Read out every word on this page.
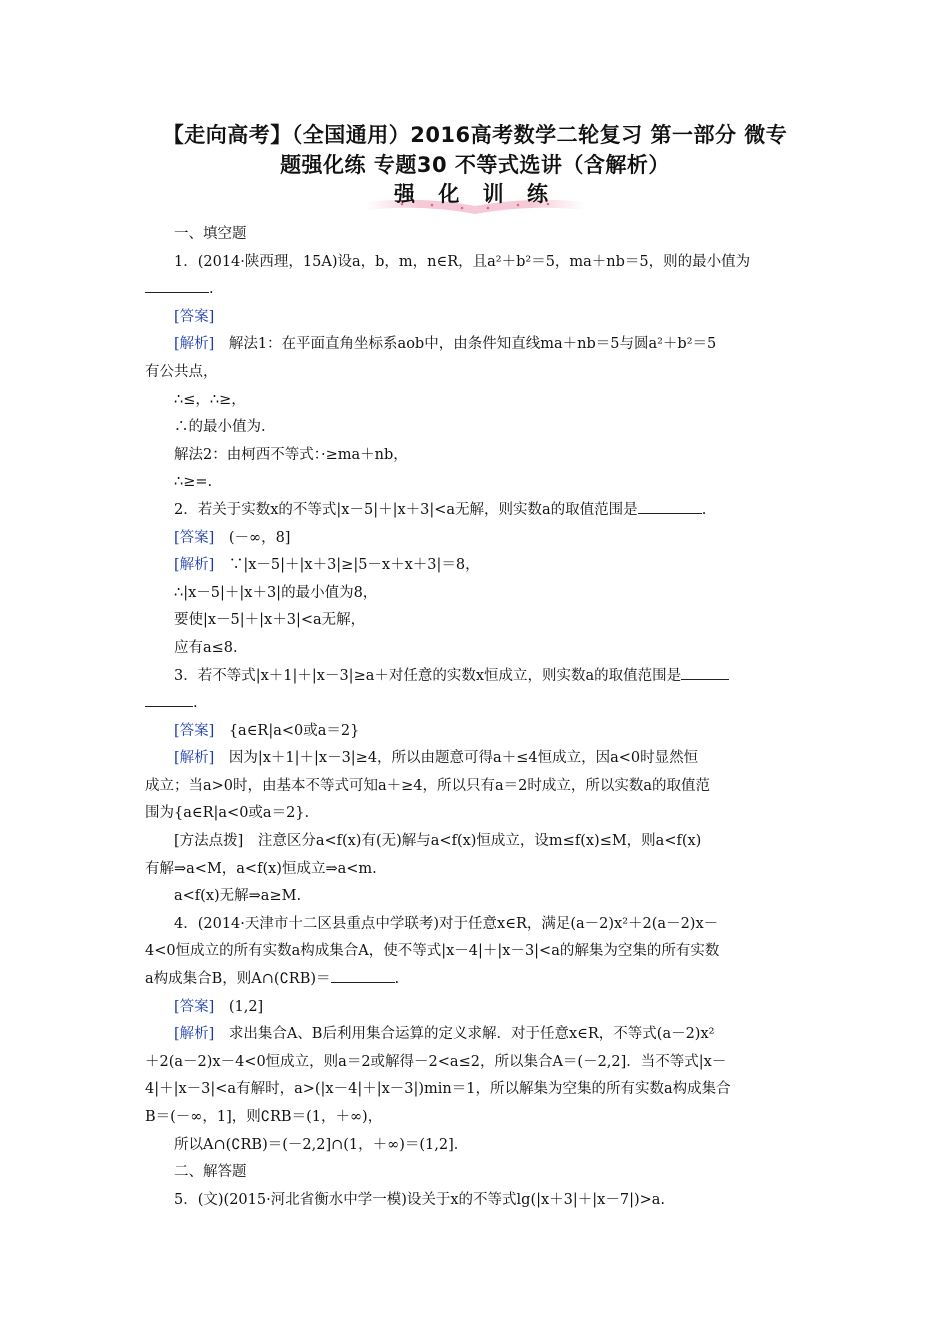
【走向高考】（全国通用）2016高考数学二轮复习 第一部分 微专
题强化练 专题30 不等式选讲（含解析）
强 化 训 练

一、填空题

1．(2014·陕西理，15A)设a，b，m，n∈R，且a²＋b²＝5，ma＋nb＝5，则的最小值为

.

[答案]

[解析]　 解法1：在平面直角坐标系aob中，由条件知直线ma＋nb＝5与圆a²＋b²＝5

有公共点，

∴≤，∴≥，

∴的最小值为.

解法2：由柯西不等式：·≥ma＋nb，

∴≥=.

2．若关于实数x的不等式|x－5|＋|x＋3|<a无解，则实数a的取值范围是	.

[答案]　 (－∞，8]

[解析]　 ∵|x－5|＋|x＋3|≥|5－x＋x＋3|＝8，

∴|x－5|＋|x＋3|的最小值为8，

要使|x－5|＋|x＋3|<a无解，

应有a≤8.

3．若不等式|x＋1|＋|x－3|≥a＋对任意的实数x恒成立，则实数a的取值范围是

.

[答案]　 {a∈R|a<0或a＝2}

[解析]　 因为|x＋1|＋|x－3|≥4，所以由题意可得a＋≤4恒成立，因a<0时显然恒

成立；当a>0时，由基本不等式可知a＋≥4，所以只有a＝2时成立，所以实数a的取值范

围为{a∈R|a<0或a＝2}.

[方法点拨]　注意区分a<f(x)有(无)解与a<f(x)恒成立，设m≤f(x)≤M，则a<f(x)

有解⇒a<M，a<f(x)恒成立⇒a<m.

a<f(x)无解⇒a≥M.

4．(2014·天津市十二区县重点中学联考)对于任意x∈R，满足(a－2)x²＋2(a－2)x－

4<0恒成立的所有实数a构成集合A，使不等式|x－4|＋|x－3|<a的解集为空集的所有实数

a构成集合B，则A∩(∁RB)＝	.

[答案]　 (1,2]

[解析]　 求出集合A、B后利用集合运算的定义求解．对于任意x∈R，不等式(a－2)x²

＋2(a－2)x－4<0恒成立，则a＝2或解得－2<a≤2，所以集合A＝(－2,2]．当不等式|x－

4|＋|x－3|<a有解时，a>(|x－4|＋|x－3|)min＝1，所以解集为空集的所有实数a构成集合

B＝(－∞，1]，则∁RB＝(1，＋∞)，

所以A∩(∁RB)＝(－2,2]∩(1，＋∞)＝(1,2]．

二、解答题

5．(文)(2015·河北省衡水中学一模)设关于x的不等式lg(|x＋3|＋|x－7|)>a.
